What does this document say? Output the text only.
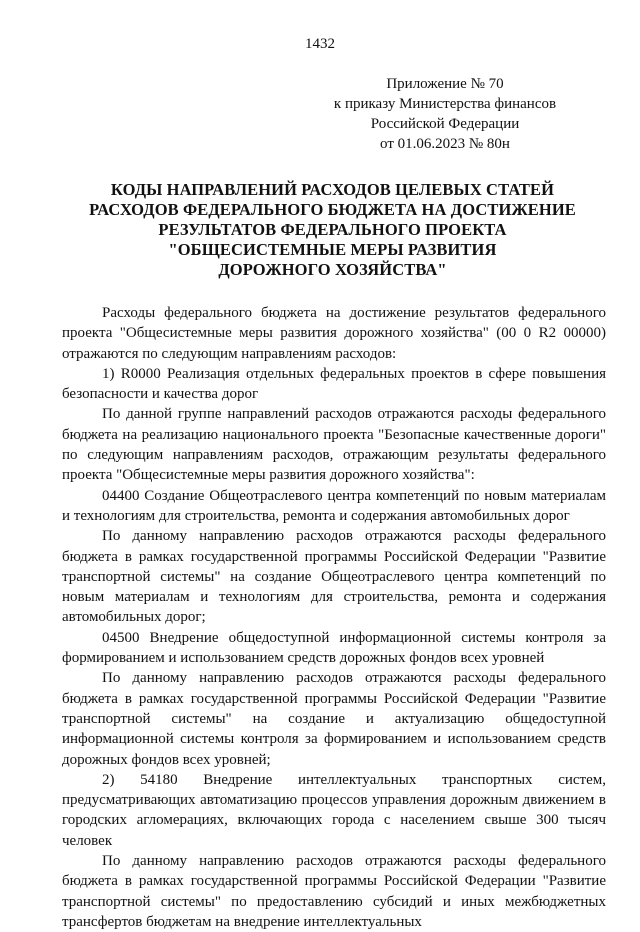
1432
Приложение № 70
к приказу Министерства финансов
Российской Федерации
от 01.06.2023 № 80н
КОДЫ НАПРАВЛЕНИЙ РАСХОДОВ ЦЕЛЕВЫХ СТАТЕЙ
РАСХОДОВ ФЕДЕРАЛЬНОГО БЮДЖЕТА НА ДОСТИЖЕНИЕ
РЕЗУЛЬТАТОВ ФЕДЕРАЛЬНОГО ПРОЕКТА
"ОБЩЕСИСТЕМНЫЕ МЕРЫ РАЗВИТИЯ
ДОРОЖНОГО ХОЗЯЙСТВА"

Расходы федерального бюджета на достижение результатов федерального проекта "Общесистемные меры развития дорожного хозяйства" (00 0 R2 00000) отражаются по следующим направлениям расходов:

1) R0000 Реализация отдельных федеральных проектов в сфере повышения безопасности и качества дорог

По данной группе направлений расходов отражаются расходы федерального бюджета на реализацию национального проекта "Безопасные качественные дороги" по следующим направлениям расходов, отражающим результаты федерального проекта "Общесистемные меры развития дорожного хозяйства":

04400 Создание Общеотраслевого центра компетенций по новым материалам и технологиям для строительства, ремонта и содержания автомобильных дорог

По данному направлению расходов отражаются расходы федерального бюджета в рамках государственной программы Российской Федерации "Развитие транспортной системы" на создание Общеотраслевого центра компетенций по новым материалам и технологиям для строительства, ремонта и содержания автомобильных дорог;

04500 Внедрение общедоступной информационной системы контроля за формированием и использованием средств дорожных фондов всех уровней

По данному направлению расходов отражаются расходы федерального бюджета в рамках государственной программы Российской Федерации "Развитие транспортной системы" на создание и актуализацию общедоступной информационной системы контроля за формированием и использованием средств дорожных фондов всех уровней;

2) 54180 Внедрение интеллектуальных транспортных систем, предусматривающих автоматизацию процессов управления дорожным движением в городских агломерациях, включающих города с населением свыше 300 тысяч человек

По данному направлению расходов отражаются расходы федерального бюджета в рамках государственной программы Российской Федерации "Развитие транспортной системы" по предоставлению субсидий и иных межбюджетных трансфертов бюджетам на внедрение интеллектуальных
